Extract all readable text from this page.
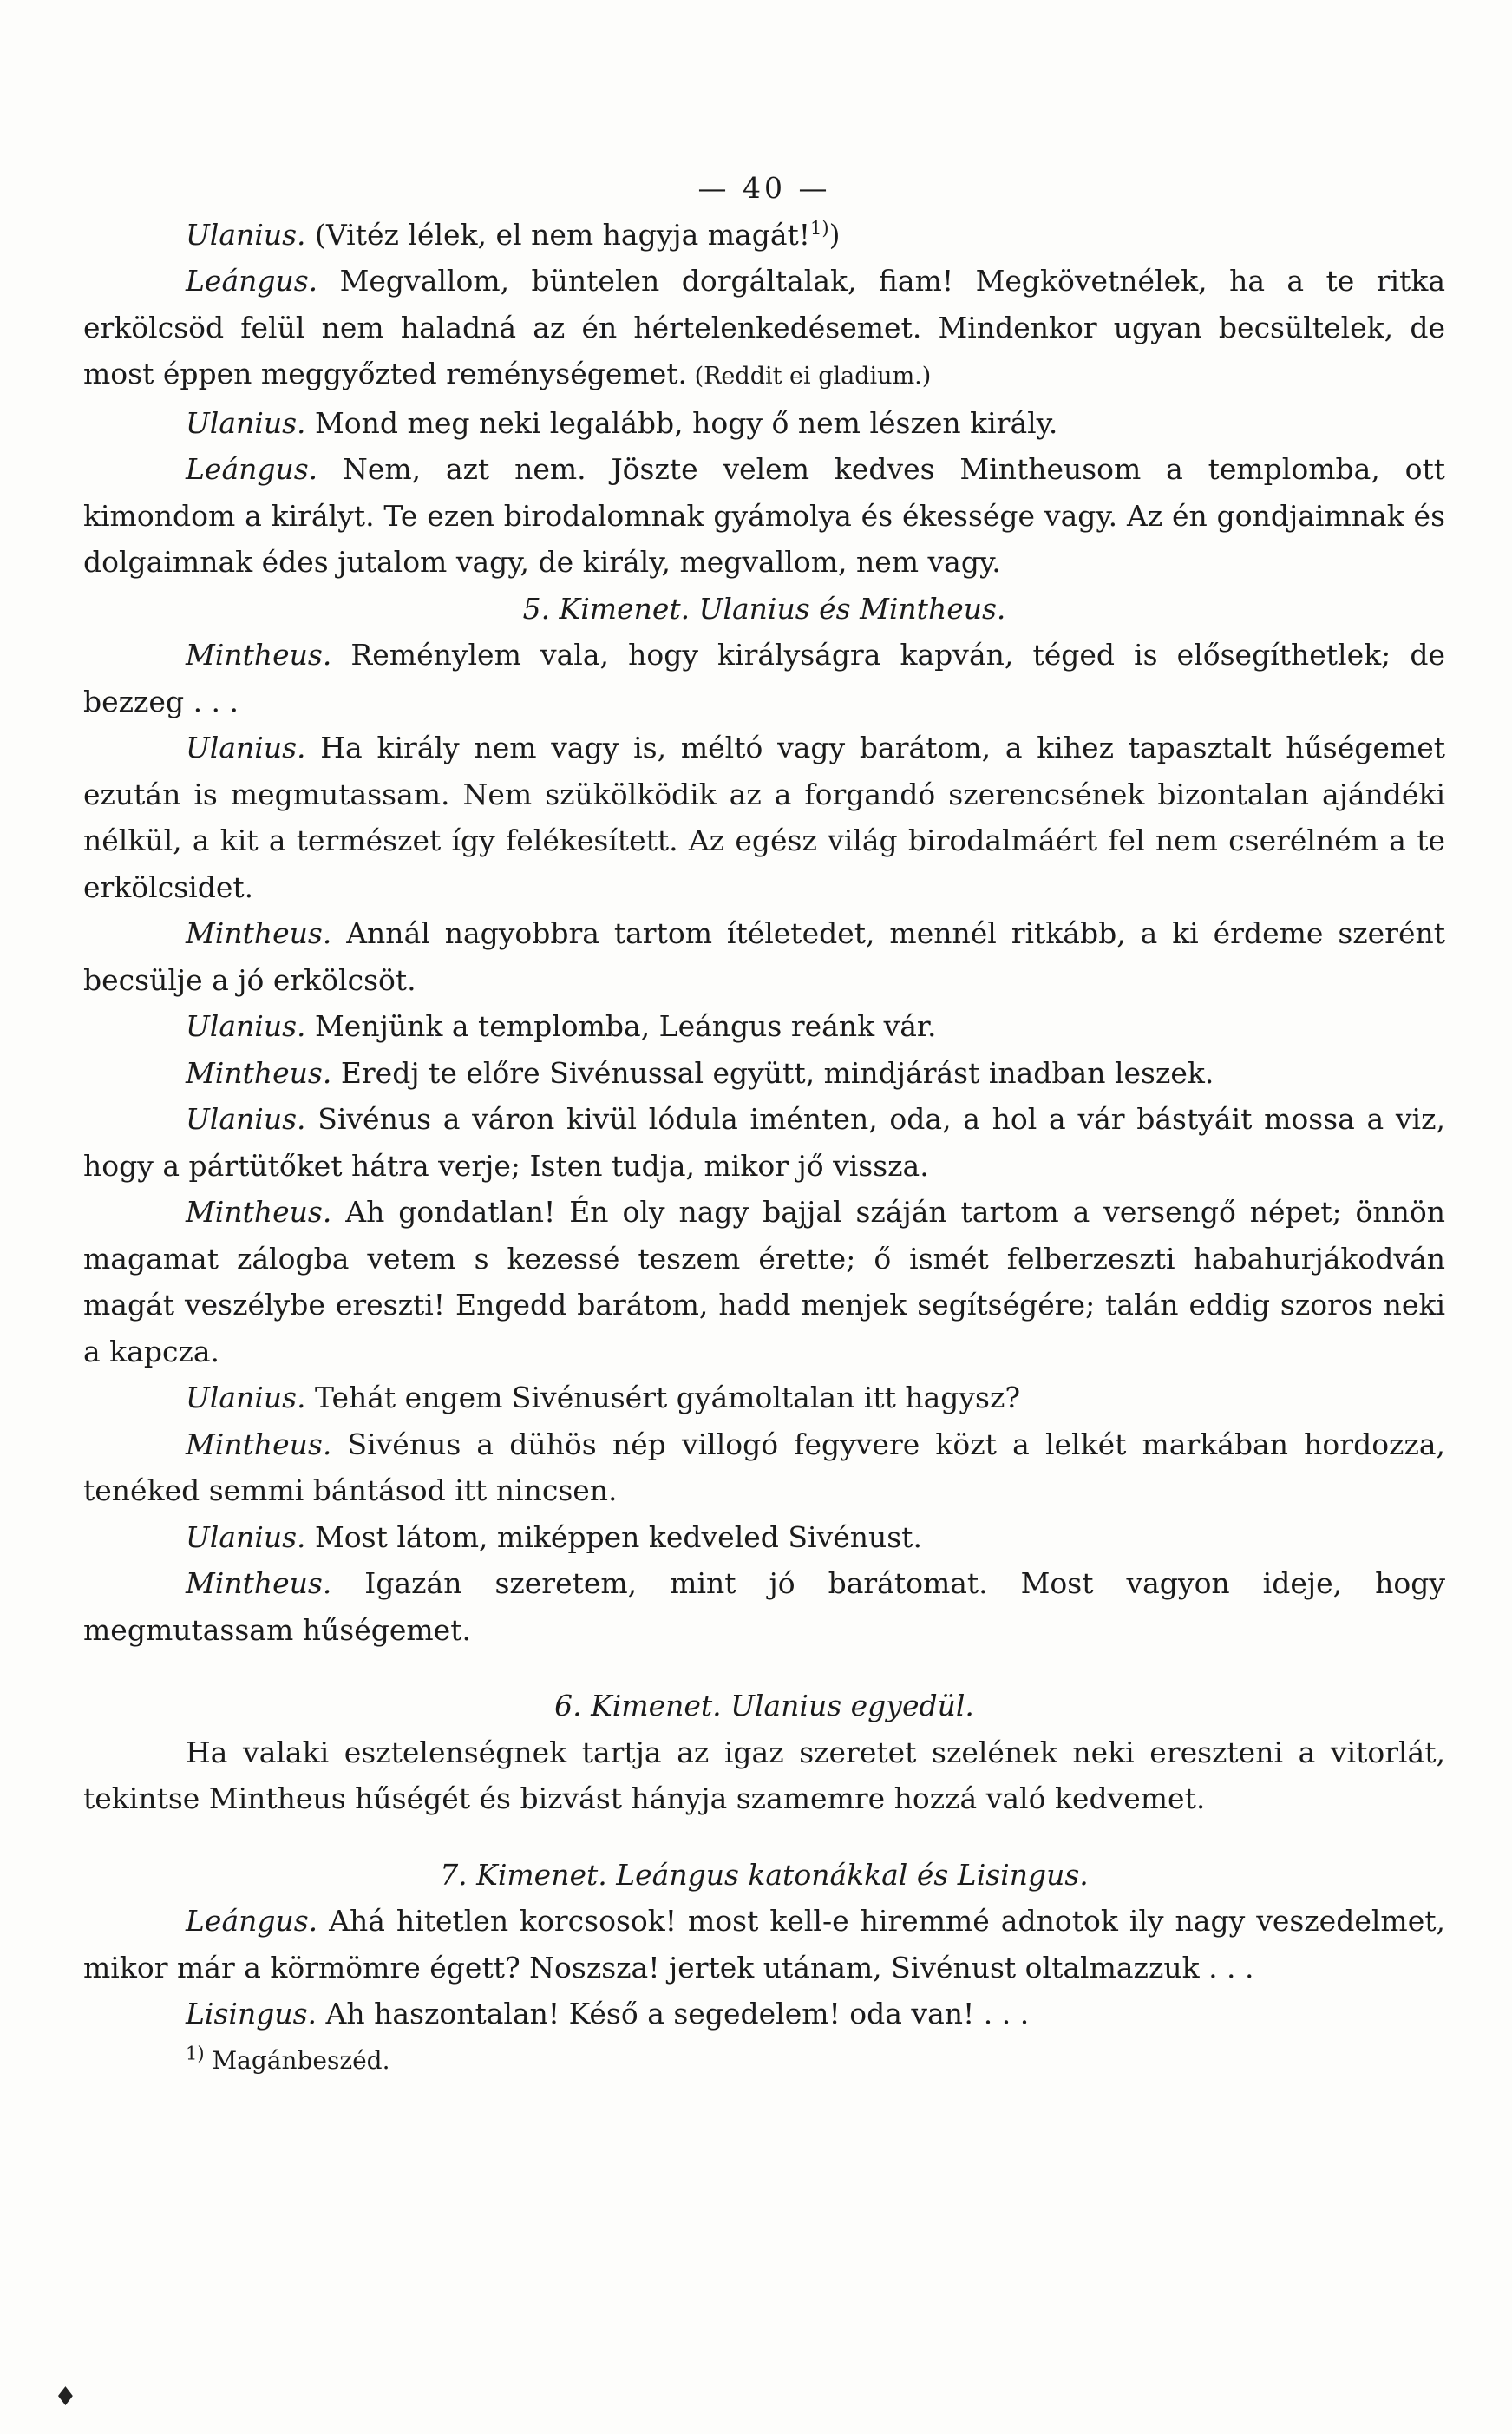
— 40 —

Ulanius. (Vitéz lélek, el nem hagyja magát!$^{1)}$)

Leángus. Megvallom, büntelen dorgáltalak, fiam! Megkövetnélek, ha a te ritka erkölcsöd felül nem haladná az én hértelenkedésemet. Mindenkor ugyan becsültelek, de most éppen meggyőzted reménységemet. (Reddit ei gladium.)

Ulanius. Mond meg neki legalább, hogy ő nem lészen király.

Leángus. Nem, azt nem. Jöszte velem kedves Mintheusom a templomba, ott kimondom a királyt. Te ezen birodalomnak gyámolya és ékessége vagy. Az én gondjaimnak és dolgaimnak édes jutalom vagy, de király, megvallom, nem vagy.

5. Kimenet. Ulanius és Mintheus.

Mintheus. Reménylem vala, hogy királyságra kapván, téged is elősegíthetlek; de bezzeg . . .

Ulanius. Ha király nem vagy is, méltó vagy barátom, a kihez tapasztalt hűségemet ezután is megmutassam. Nem szükölködik az a forgandó szerencsének bizontalan ajándéki nélkül, a kit a természet így felékesített. Az egész világ birodalmáért fel nem cserélném a te erkölcsidet.

Mintheus. Annál nagyobbra tartom ítéletedet, mennél ritkább, a ki érdeme szerént becsülje a jó erkölcsöt.

Ulanius. Menjünk a templomba, Leángus reánk vár.

Mintheus. Eredj te előre Sivénussal együtt, mindjárást inadban leszek.

Ulanius. Sivénus a váron kivül lódula iménten, oda, a hol a vár bástyáit mossa a viz, hogy a pártütőket hátra verje; Isten tudja, mikor jő vissza.

Mintheus. Ah gondatlan! Én oly nagy bajjal száján tartom a versengő népet; önnön magamat zálogba vetem s kezessé teszem érette; ő ismét felberzeszti habahurjákodván magát veszélybe ereszti! Engedd barátom, hadd menjek segítségére; talán eddig szoros neki a kapcza.

Ulanius. Tehát engem Sivénusért gyámoltalan itt hagysz?

Mintheus. Sivénus a dühös nép villogó fegyvere közt a lelkét markában hordozza, tenéked semmi bántásod itt nincsen.

Ulanius. Most látom, miképpen kedveled Sivénust.

Mintheus. Igazán szeretem, mint jó barátomat. Most vagyon ideje, hogy megmutassam hűségemet.

6. Kimenet. Ulanius egyedül.

Ha valaki esztelenségnek tartja az igaz szeretet szelének neki ereszteni a vitorlát, tekintse Mintheus hűségét és bizvást hányja szamemre hozzá való kedvemet.

7. Kimenet. Leángus katonákkal és Lisingus.

Leángus. Ahá hitetlen korcsosok! most kell-e hiremmé adnotok ily nagy veszedelmet, mikor már a körmömre égett? Noszsza! jertek utánam, Sivénust oltalmazzuk . . .

Lisingus. Ah haszontalan! Késő a segedelem! oda van! . . .

$^{1)}$ Magánbeszéd.

♦
